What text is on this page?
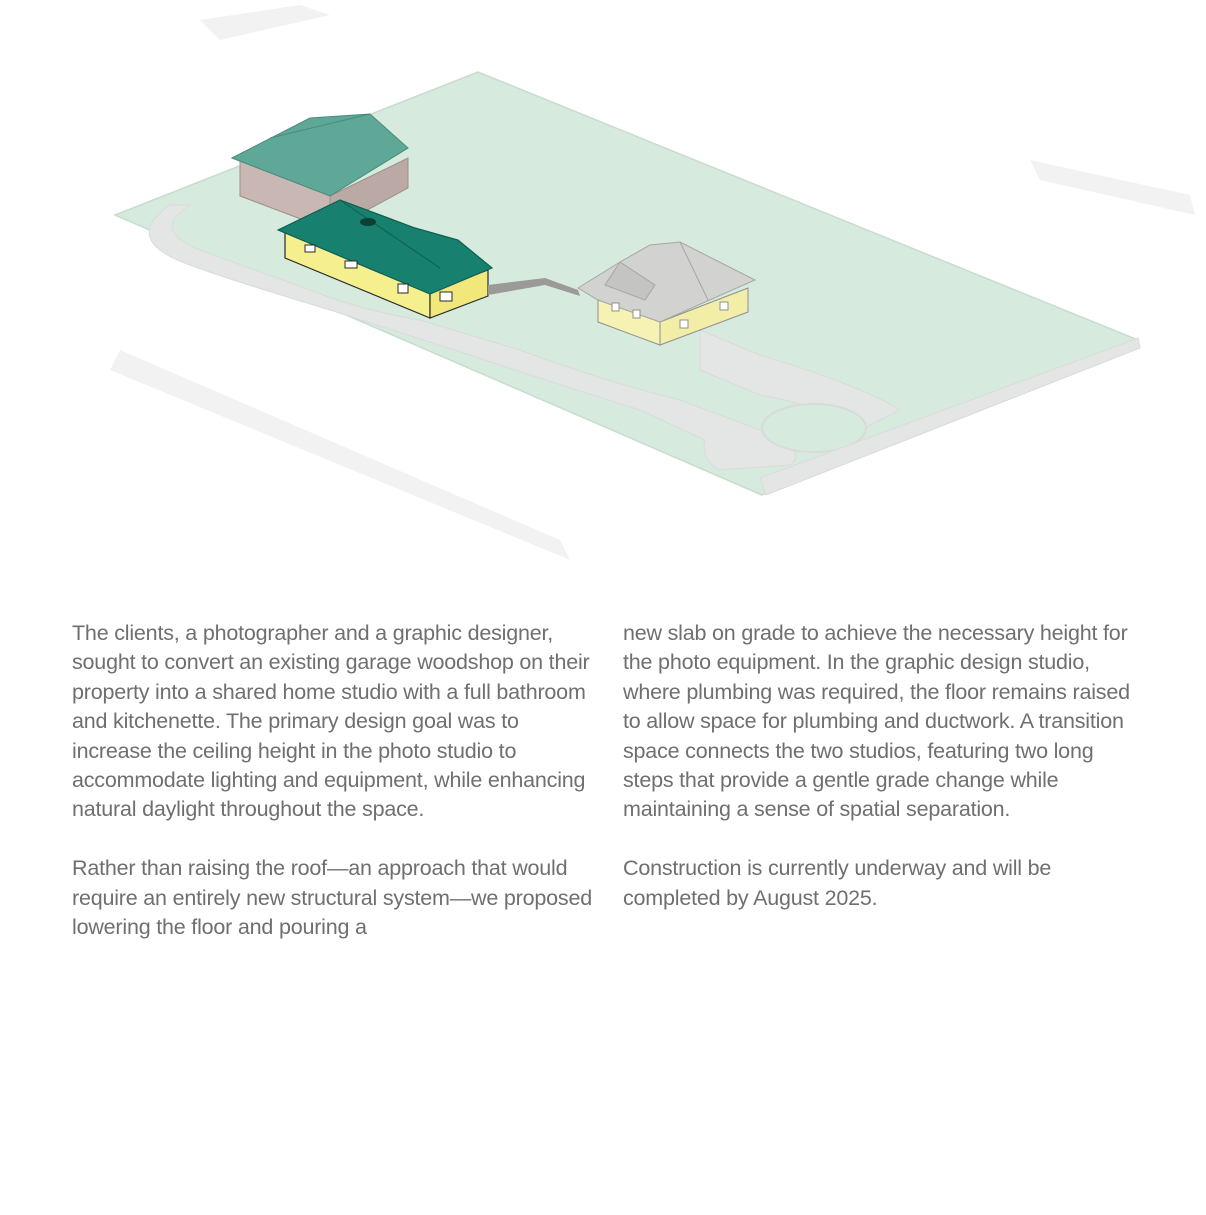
The clients, a photographer and a graphic designer, sought to convert an existing garage woodshop on their property into a shared home studio with a full bathroom and kitchenette. The primary design goal was to increase the ceiling height in the photo studio to accommodate lighting and equipment, while enhancing natural daylight throughout the space.

Rather than raising the roof—an approach that would require an entirely new structural system—we proposed lowering the floor and pouring a

new slab on grade to achieve the necessary height for the photo equipment. In the graphic design studio, where plumbing was required, the floor remains raised to allow space for plumbing and ductwork. A transition space connects the two studios, featuring two long steps that provide a gentle grade change while maintaining a sense of spatial separation.

Construction is currently underway and will be completed by August 2025.
